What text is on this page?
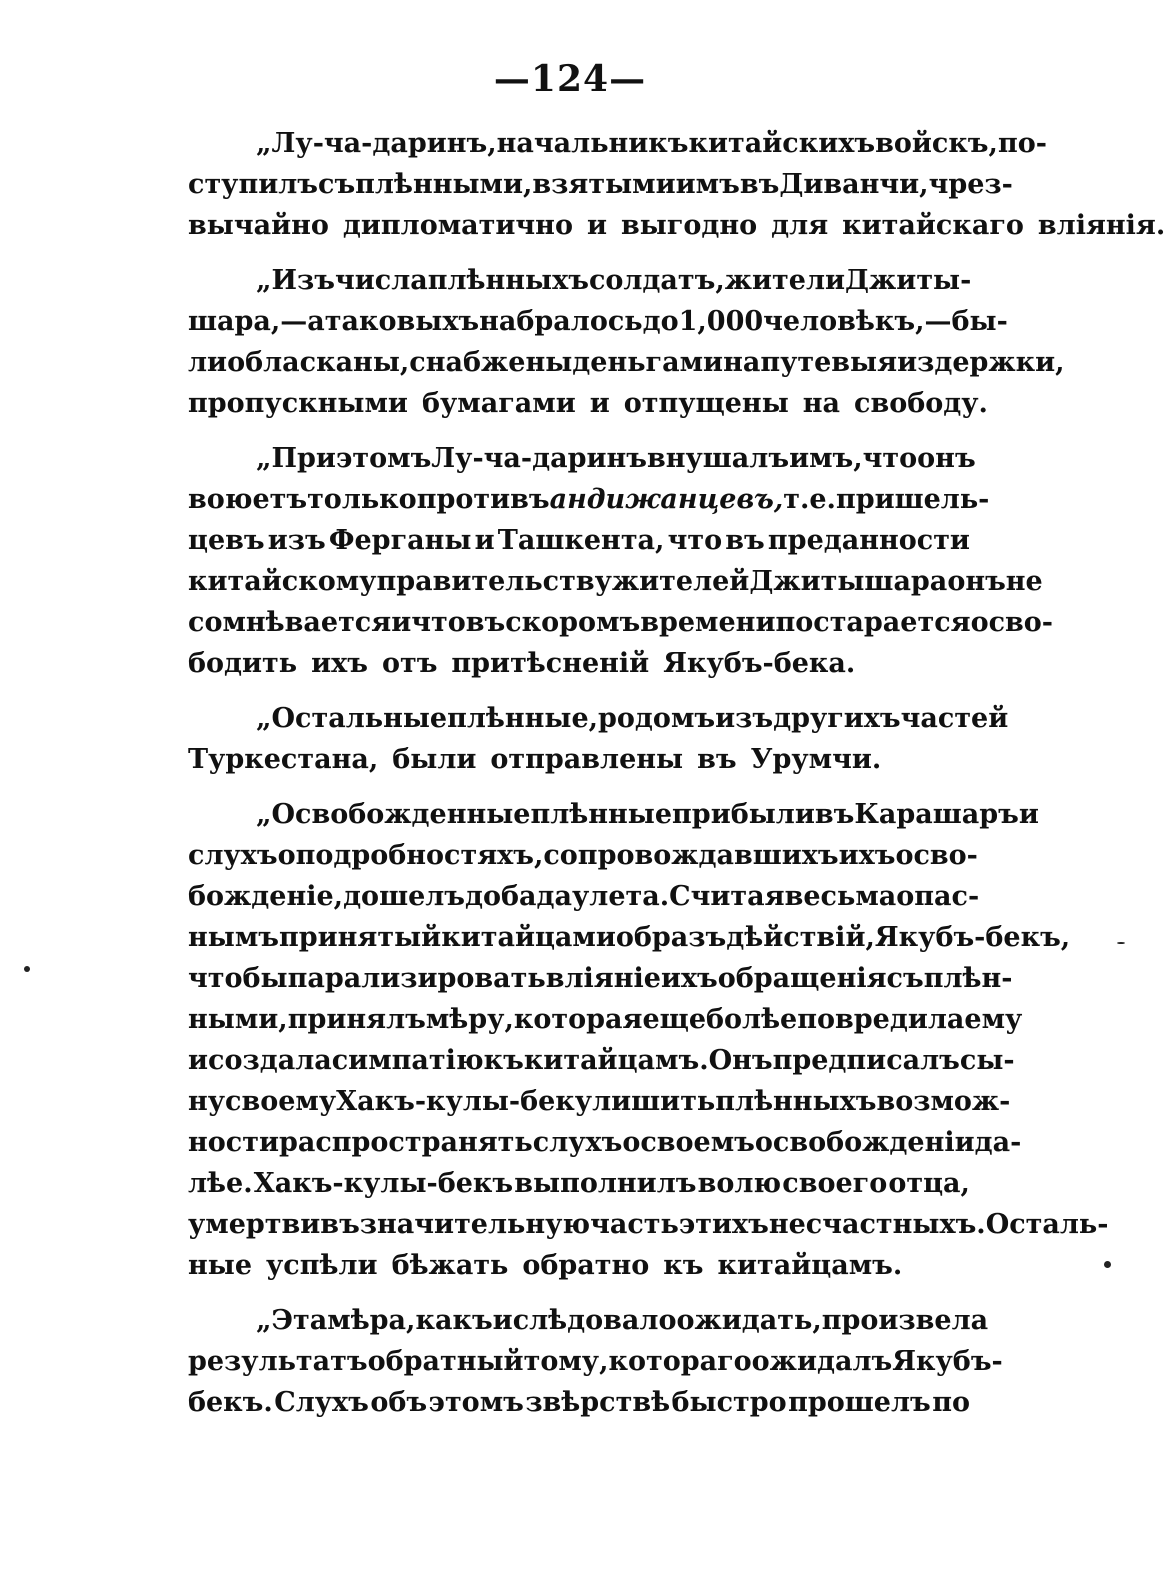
—124—
„Лу-ча-даринъ, начальникъ китайскихъ войскъ, по-
ступилъ съ плѣнными, взятыми имъ въ Диванчи, чрез-
вычайно дипломатично и выгодно для китайскаго вліянія.
„Изъ числа плѣнныхъ солдатъ, жители Джиты-
шара,—а таковыхъ набралось до 1,000 человѣкъ,—бы-
ли обласканы, снабжены деньгами на путевыя издержки,
пропускными бумагами и отпущены на свободу.
„При этомъ Лу-ча-даринъ внушалъ имъ, что онъ
воюетъ только противъ андижанцевъ, т. е. пришель-
цевъ изъ Ферганы и Ташкента, что въ преданности
китайскому правительству жителей Джитышара онъ не
сомнѣвается и что въ скоромъ времени постарается осво-
бодить ихъ отъ притѣсненій Якубъ-бека.
„Остальные плѣнные, родомъ изъ другихъ частей
Туркестана, были отправлены въ Урумчи.
„Освобожденные плѣнные прибыли въ Карашаръ и
слухъ о подробностяхъ, сопровождавшихъ ихъ осво-
божденіе, дошелъ до бадаулета. Считая весьма опас-
нымъ принятый китайцами образъ дѣйствій, Якубъ-бекъ,
чтобы парализировать вліяніе ихъ обращенія съ плѣн-
ными, принялъ мѣру, которая еще болѣе повредила ему
и создала симпатію къ китайцамъ. Онъ предписалъ сы-
ну своему Хакъ-кулы-беку лишить плѣнныхъ возмож-
ности распространять слухъ о своемъ освобожденіи да-
лѣе. Хакъ-кулы-бекъ выполнилъ волю своего отца,
умертвивъ значительную часть этихъ несчастныхъ. Осталь-
ные успѣли бѣжать обратно къ китайцамъ.
„Эта мѣра, какъ и слѣдовало ожидать, произвела
результатъ обратный тому, котораго ожидалъ Якубъ-
бекъ. Слухъ объ этомъ звѣрствѣ быстро прошелъ по
